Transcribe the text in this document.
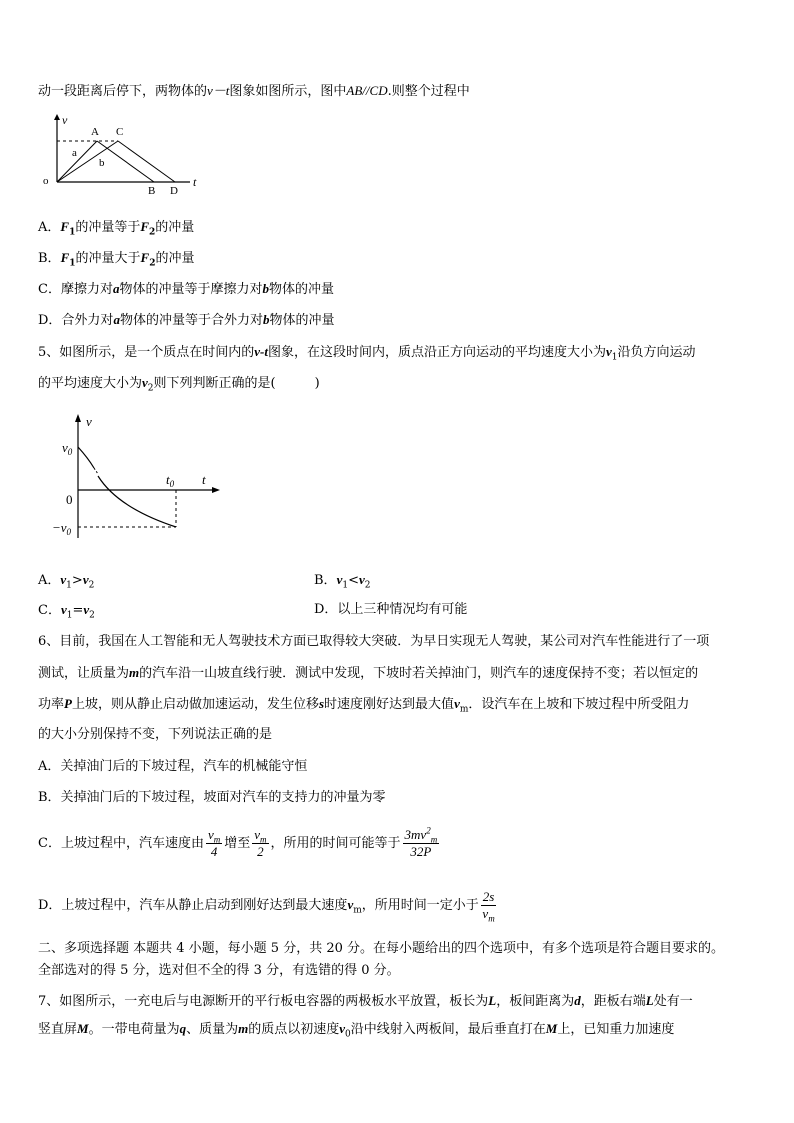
动一段距离后停下，两物体的v－t图象如图所示，图中AB//CD.则整个过程中
v
t
o
A C
a
b
B D
A．$F_1$的冲量等于$F_2$的冲量
B．$F_1$的冲量大于$F_2$的冲量
C．摩擦力对a物体的冲量等于摩擦力对b物体的冲量
D．合外力对a物体的冲量等于合外力对b物体的冲量
5、如图所示，是一个质点在时间内的v-t图象，在这段时间内，质点沿正方向运动的平均速度大小为$v_1$沿负方向运动
的平均速度大小为$v_2$则下列判断正确的是(　　　)
v
t
$v_0$
0
$t_0$
$-v_0$
A．$v_1>v_2$	B．$v_1<v_2$
C．$v_1=v_2$	D．以上三种情况均有可能
6、目前，我国在人工智能和无人驾驶技术方面已取得较大突破．为早日实现无人驾驶，某公司对汽车性能进行了一项
测试，让质量为m的汽车沿一山坡直线行驶．测试中发现，下坡时若关掉油门，则汽车的速度保持不变；若以恒定的
功率P上坡，则从静止启动做加速运动，发生位移s时速度刚好达到最大值$v_m$．设汽车在上坡和下坡过程中所受阻力
的大小分别保持不变，下列说法正确的是
A．关掉油门后的下坡过程，汽车的机械能守恒
B．关掉油门后的下坡过程，坡面对汽车的支持力的冲量为零
C．上坡过程中，汽车速度由 $\frac{v_m}{4}$ 增至 $\frac{v_m}{2}$ ，所用的时间可能等于 $\frac{3mv^2_m}{32P}$
D．上坡过程中，汽车从静止启动到刚好达到最大速度$v_m$，所用时间一定小于 $\frac{2s}{v_m}$
二、多项选择题 本题共 4 小题，每小题 5 分，共 20 分。在每小题给出的四个选项中，有多个选项是符合题目要求的。
全部选对的得 5 分，选对但不全的得 3 分，有选错的得 0 分。
7、如图所示，一充电后与电源断开的平行板电容器的两极板水平放置，板长为L，板间距离为d，距板右端L处有一
竖直屏M。一带电荷量为q、质量为m的质点以初速度$v_0$沿中线射入两板间，最后垂直打在M上，已知重力加速度
